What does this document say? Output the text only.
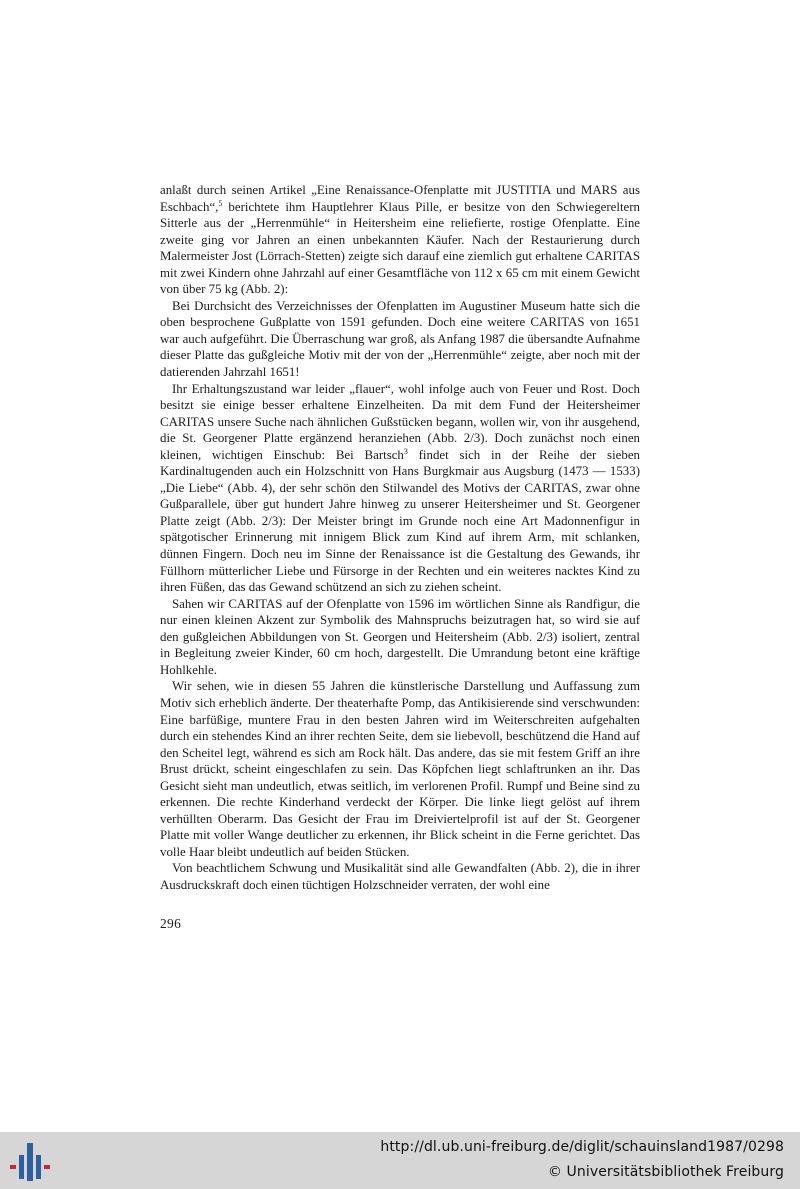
anlaßt durch seinen Artikel „Eine Renaissance-Ofenplatte mit JUSTITIA und MARS aus Eschbach“,$^5$ berichtete ihm Hauptlehrer Klaus Pille, er besitze von den Schwiegereltern Sitterle aus der „Herrenmühle“ in Heitersheim eine reliefierte, rostige Ofenplatte. Eine zweite ging vor Jahren an einen unbekannten Käufer. Nach der Restaurierung durch Malermeister Jost (Lörrach-Stetten) zeigte sich darauf eine ziemlich gut erhaltene CARITAS mit zwei Kindern ohne Jahrzahl auf einer Gesamtfläche von 112 x 65 cm mit einem Gewicht von über 75 kg (Abb. 2):

Bei Durchsicht des Verzeichnisses der Ofenplatten im Augustiner Museum hatte sich die oben besprochene Gußplatte von 1591 gefunden. Doch eine weitere CARITAS von 1651 war auch aufgeführt. Die Überraschung war groß, als Anfang 1987 die übersandte Aufnahme dieser Platte das gußgleiche Motiv mit der von der „Herrenmühle“ zeigte, aber noch mit der datierenden Jahrzahl 1651!

Ihr Erhaltungszustand war leider „flauer“, wohl infolge auch von Feuer und Rost. Doch besitzt sie einige besser erhaltene Einzelheiten. Da mit dem Fund der Heitersheimer CARITAS unsere Suche nach ähnlichen Gußstücken begann, wollen wir, von ihr ausgehend, die St. Georgener Platte ergänzend heranziehen (Abb. 2/3). Doch zunächst noch einen kleinen, wichtigen Einschub: Bei Bartsch$^3$ findet sich in der Reihe der sieben Kardinaltugenden auch ein Holzschnitt von Hans Burgkmair aus Augsburg (1473 — 1533) „Die Liebe“ (Abb. 4), der sehr schön den Stilwandel des Motivs der CARITAS, zwar ohne Gußparallele, über gut hundert Jahre hinweg zu unserer Heitersheimer und St. Georgener Platte zeigt (Abb. 2/3): Der Meister bringt im Grunde noch eine Art Madonnenfigur in spätgotischer Erinnerung mit innigem Blick zum Kind auf ihrem Arm, mit schlanken, dünnen Fingern. Doch neu im Sinne der Renaissance ist die Gestaltung des Gewands, ihr Füllhorn mütterlicher Liebe und Fürsorge in der Rechten und ein weiteres nacktes Kind zu ihren Füßen, das das Gewand schützend an sich zu ziehen scheint.

Sahen wir CARITAS auf der Ofenplatte von 1596 im wörtlichen Sinne als Randfigur, die nur einen kleinen Akzent zur Symbolik des Mahnspruchs beizutragen hat, so wird sie auf den gußgleichen Abbildungen von St. Georgen und Heitersheim (Abb. 2/3) isoliert, zentral in Begleitung zweier Kinder, 60 cm hoch, dargestellt. Die Umrandung betont eine kräftige Hohlkehle.

Wir sehen, wie in diesen 55 Jahren die künstlerische Darstellung und Auffassung zum Motiv sich erheblich änderte. Der theaterhafte Pomp, das Antikisierende sind verschwunden: Eine barfüßige, muntere Frau in den besten Jahren wird im Weiterschreiten aufgehalten durch ein stehendes Kind an ihrer rechten Seite, dem sie liebevoll, beschützend die Hand auf den Scheitel legt, während es sich am Rock hält. Das andere, das sie mit festem Griff an ihre Brust drückt, scheint eingeschlafen zu sein. Das Köpfchen liegt schlaftrunken an ihr. Das Gesicht sieht man undeutlich, etwas seitlich, im verlorenen Profil. Rumpf und Beine sind zu erkennen. Die rechte Kinderhand verdeckt der Körper. Die linke liegt gelöst auf ihrem verhüllten Oberarm. Das Gesicht der Frau im Dreiviertelprofil ist auf der St. Georgener Platte mit voller Wange deutlicher zu erkennen, ihr Blick scheint in die Ferne gerichtet. Das volle Haar bleibt undeutlich auf beiden Stücken.

Von beachtlichem Schwung und Musikalität sind alle Gewandfalten (Abb. 2), die in ihrer Ausdruckskraft doch einen tüchtigen Holzschneider verraten, der wohl eine

296
http://dl.ub.uni-freiburg.de/diglit/schauinsland1987/0298
© Universitätsbibliothek Freiburg
